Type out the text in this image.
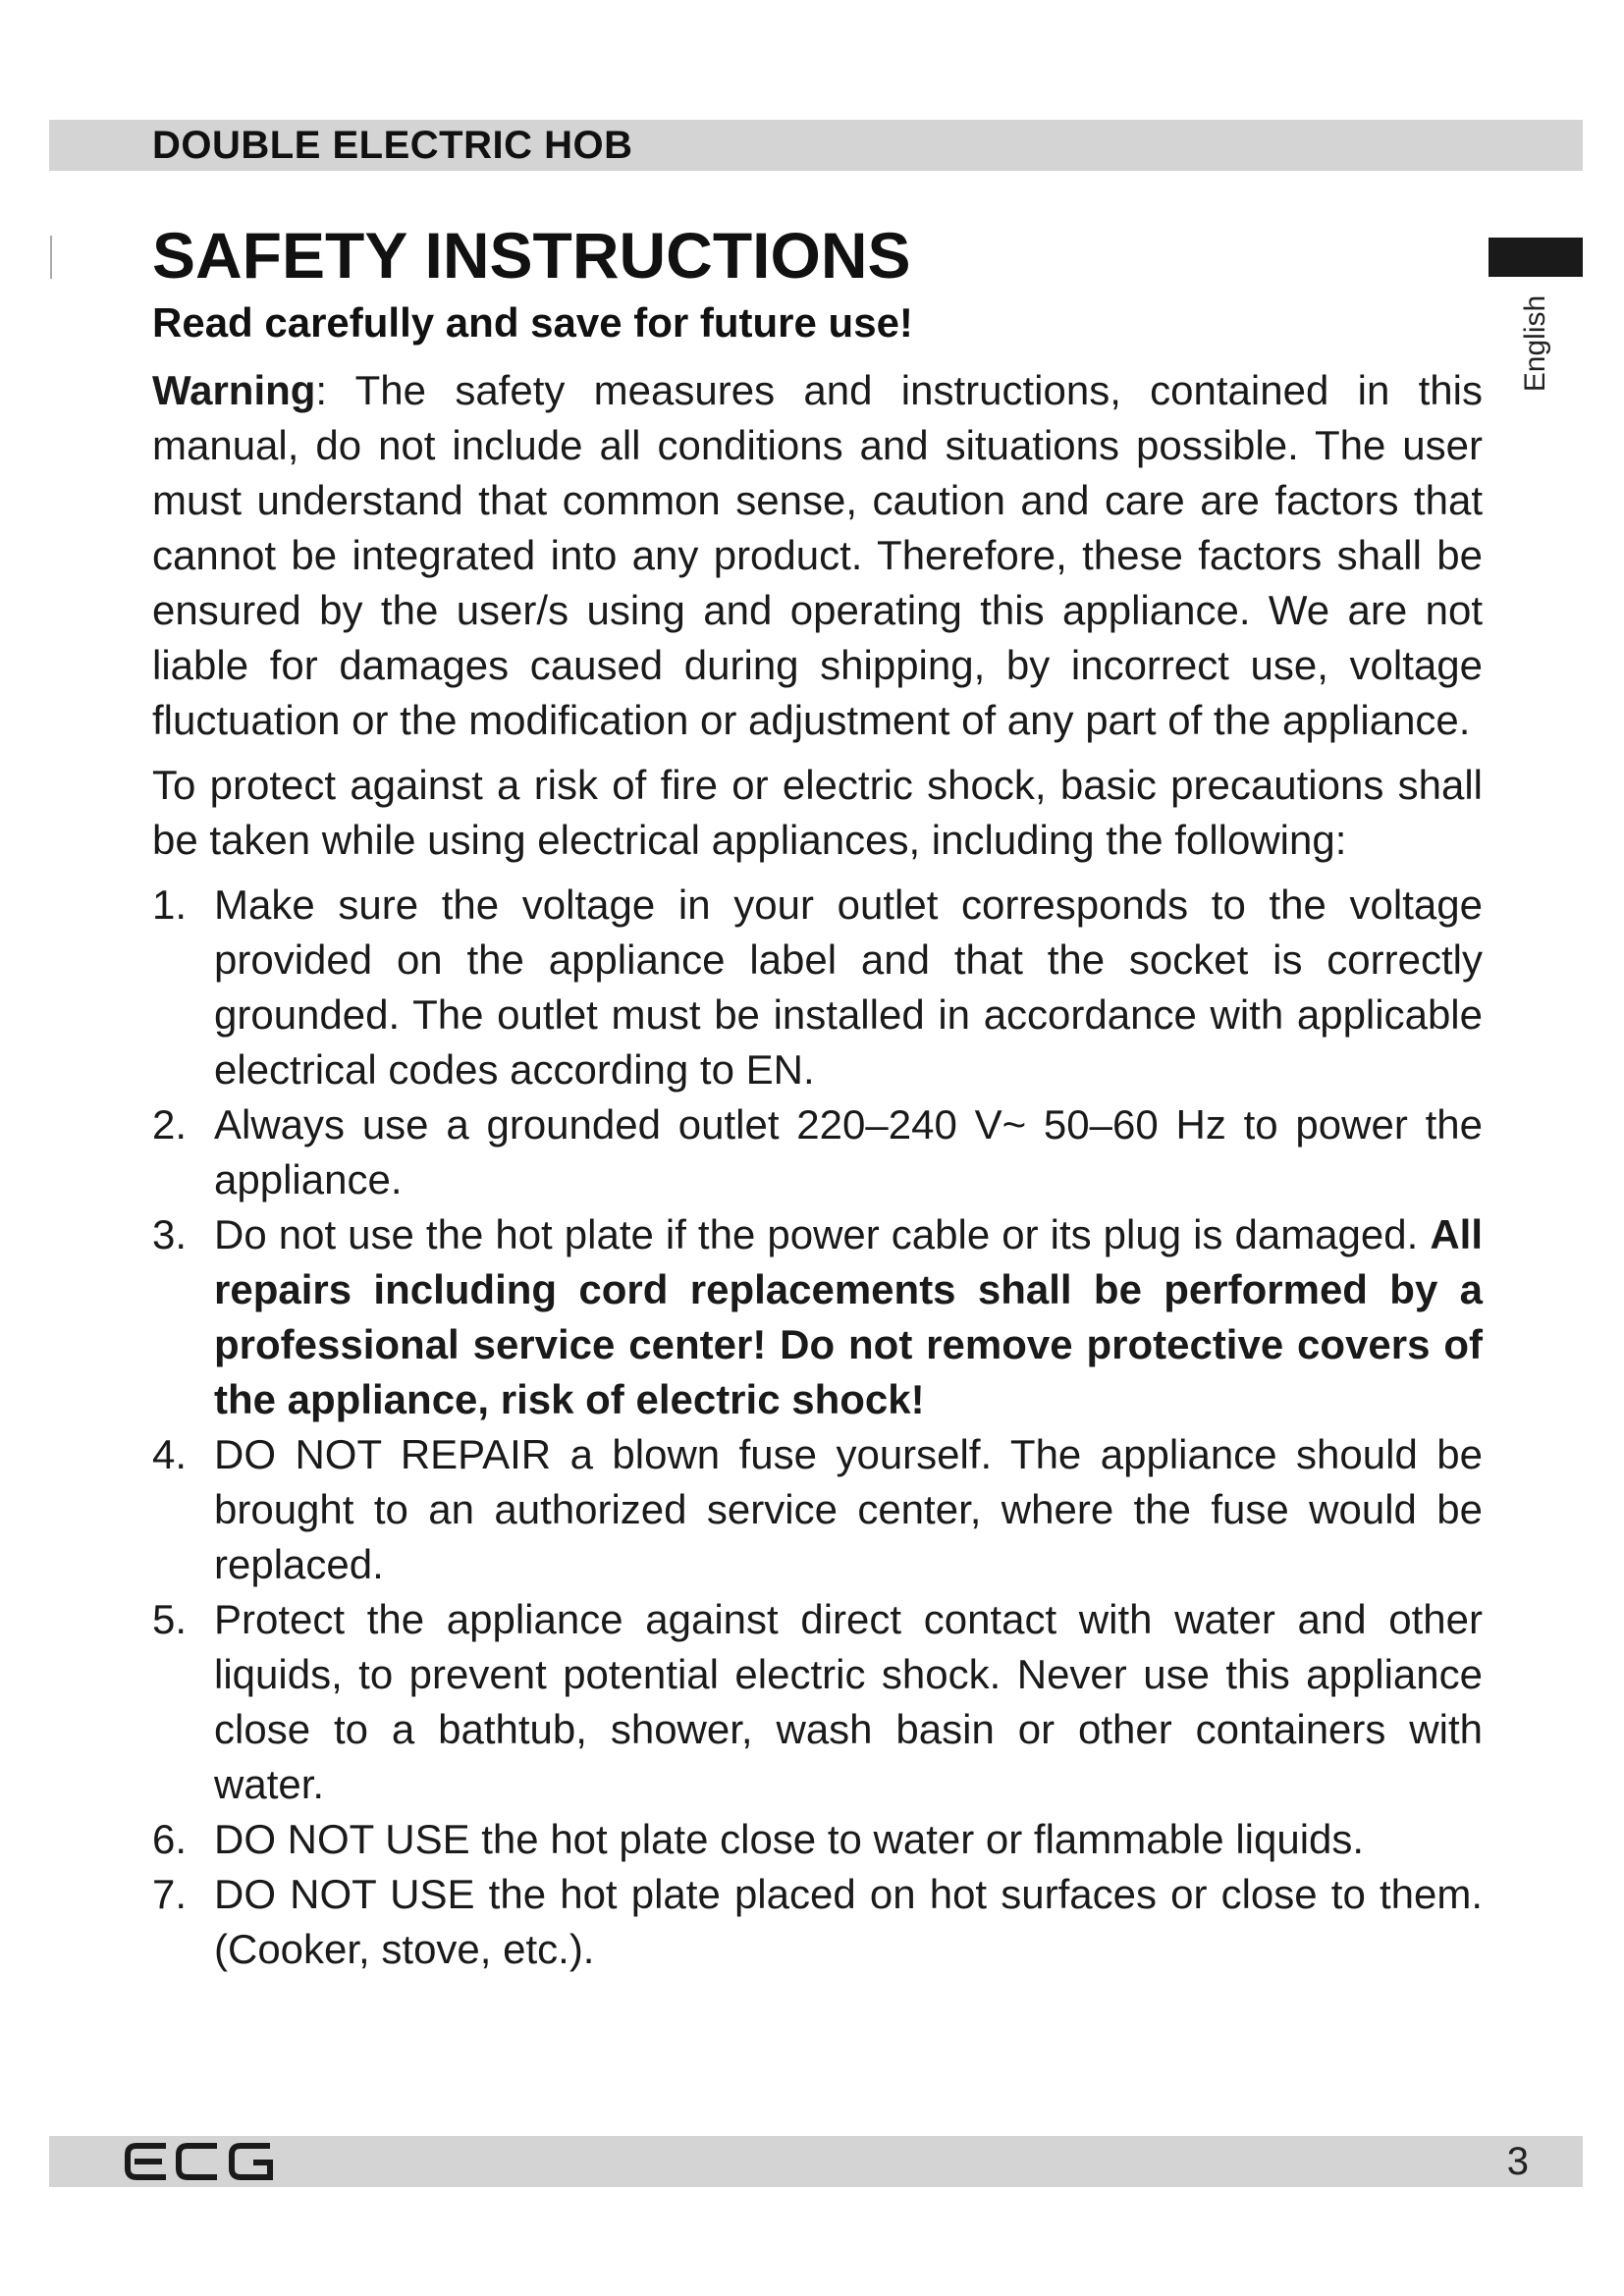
DOUBLE ELECTRIC HOB
English
SAFETY INSTRUCTIONS

Read carefully and save for future use!

Warning: The safety measures and instructions, contained in this manual, do not include all conditions and situations possible. The user must understand that common sense, caution and care are factors that cannot be integrated into any product. Therefore, these factors shall be ensured by the user/s using and operating this appliance. We are not liable for damages caused during shipping, by incorrect use, voltage fluctuation or the modification or adjustment of any part of the appliance.

To protect against a risk of fire or electric shock, basic precautions shall be taken while using electrical appliances, including the following:

1. Make sure the voltage in your outlet corresponds to the voltage provided on the appliance label and that the socket is correctly grounded. The outlet must be installed in accordance with applicable electrical codes according to EN.
2. Always use a grounded outlet 220–240 V~ 50–60 Hz to power the appliance.
3. Do not use the hot plate if the power cable or its plug is damaged. All repairs including cord replacements shall be performed by a professional service center! Do not remove protective covers of the appliance, risk of electric shock!
4. DO NOT REPAIR a blown fuse yourself. The appliance should be brought to an authorized service center, where the fuse would be replaced.
5. Protect the appliance against direct contact with water and other liquids, to prevent potential electric shock. Never use this appliance close to a bathtub, shower, wash basin or other containers with water.
6. DO NOT USE the hot plate close to water or flammable liquids.
7. DO NOT USE the hot plate placed on hot surfaces or close to them. (Cooker, stove, etc.).
3
